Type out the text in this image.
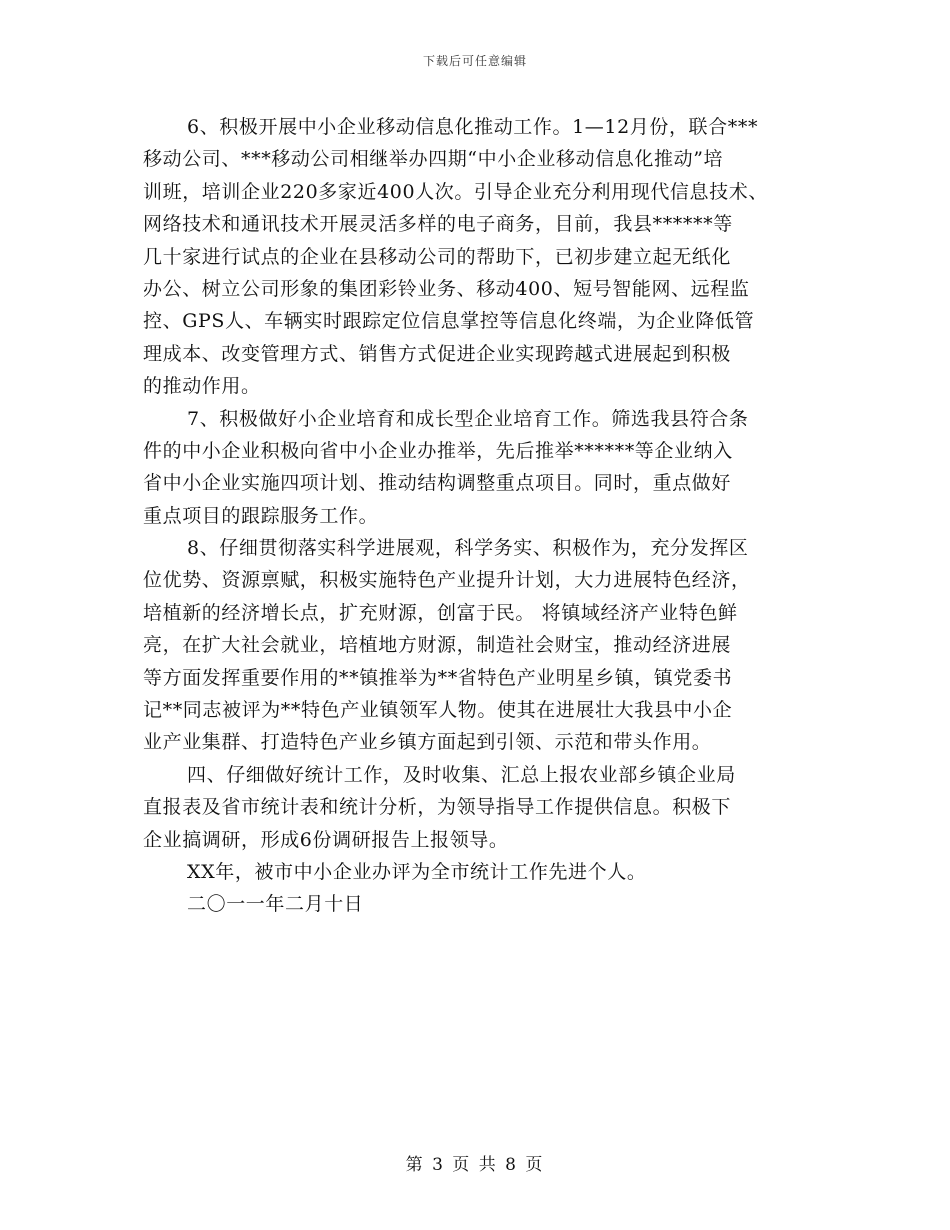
下载后可任意编辑
6、积极开展中小企业移动信息化推动工作。1—12月份，联合***
移动公司、***移动公司相继举办四期“中小企业移动信息化推动”培
训班，培训企业220多家近400人次。引导企业充分利用现代信息技术、
网络技术和通讯技术开展灵活多样的电子商务，目前，我县******等
几十家进行试点的企业在县移动公司的帮助下，已初步建立起无纸化
办公、树立公司形象的集团彩铃业务、移动400、短号智能网、远程监
控、GPS人、车辆实时跟踪定位信息掌控等信息化终端，为企业降低管
理成本、改变管理方式、销售方式促进企业实现跨越式进展起到积极
的推动作用。
7、积极做好小企业培育和成长型企业培育工作。筛选我县符合条
件的中小企业积极向省中小企业办推举，先后推举******等企业纳入
省中小企业实施四项计划、推动结构调整重点项目。同时，重点做好
重点项目的跟踪服务工作。
8、仔细贯彻落实科学进展观，科学务实、积极作为，充分发挥区
位优势、资源禀赋，积极实施特色产业提升计划，大力进展特色经济，
培植新的经济增长点，扩充财源，创富于民。 将镇域经济产业特色鲜
亮，在扩大社会就业，培植地方财源，制造社会财宝，推动经济进展
等方面发挥重要作用的**镇推举为**省特色产业明星乡镇，镇党委书
记**同志被评为**特色产业镇领军人物。使其在进展壮大我县中小企
业产业集群、打造特色产业乡镇方面起到引领、示范和带头作用。
四、仔细做好统计工作，及时收集、汇总上报农业部乡镇企业局
直报表及省市统计表和统计分析，为领导指导工作提供信息。积极下
企业搞调研，形成6份调研报告上报领导。
XX年，被市中小企业办评为全市统计工作先进个人。
二〇一一年二月十日
第 3 页 共 8 页
